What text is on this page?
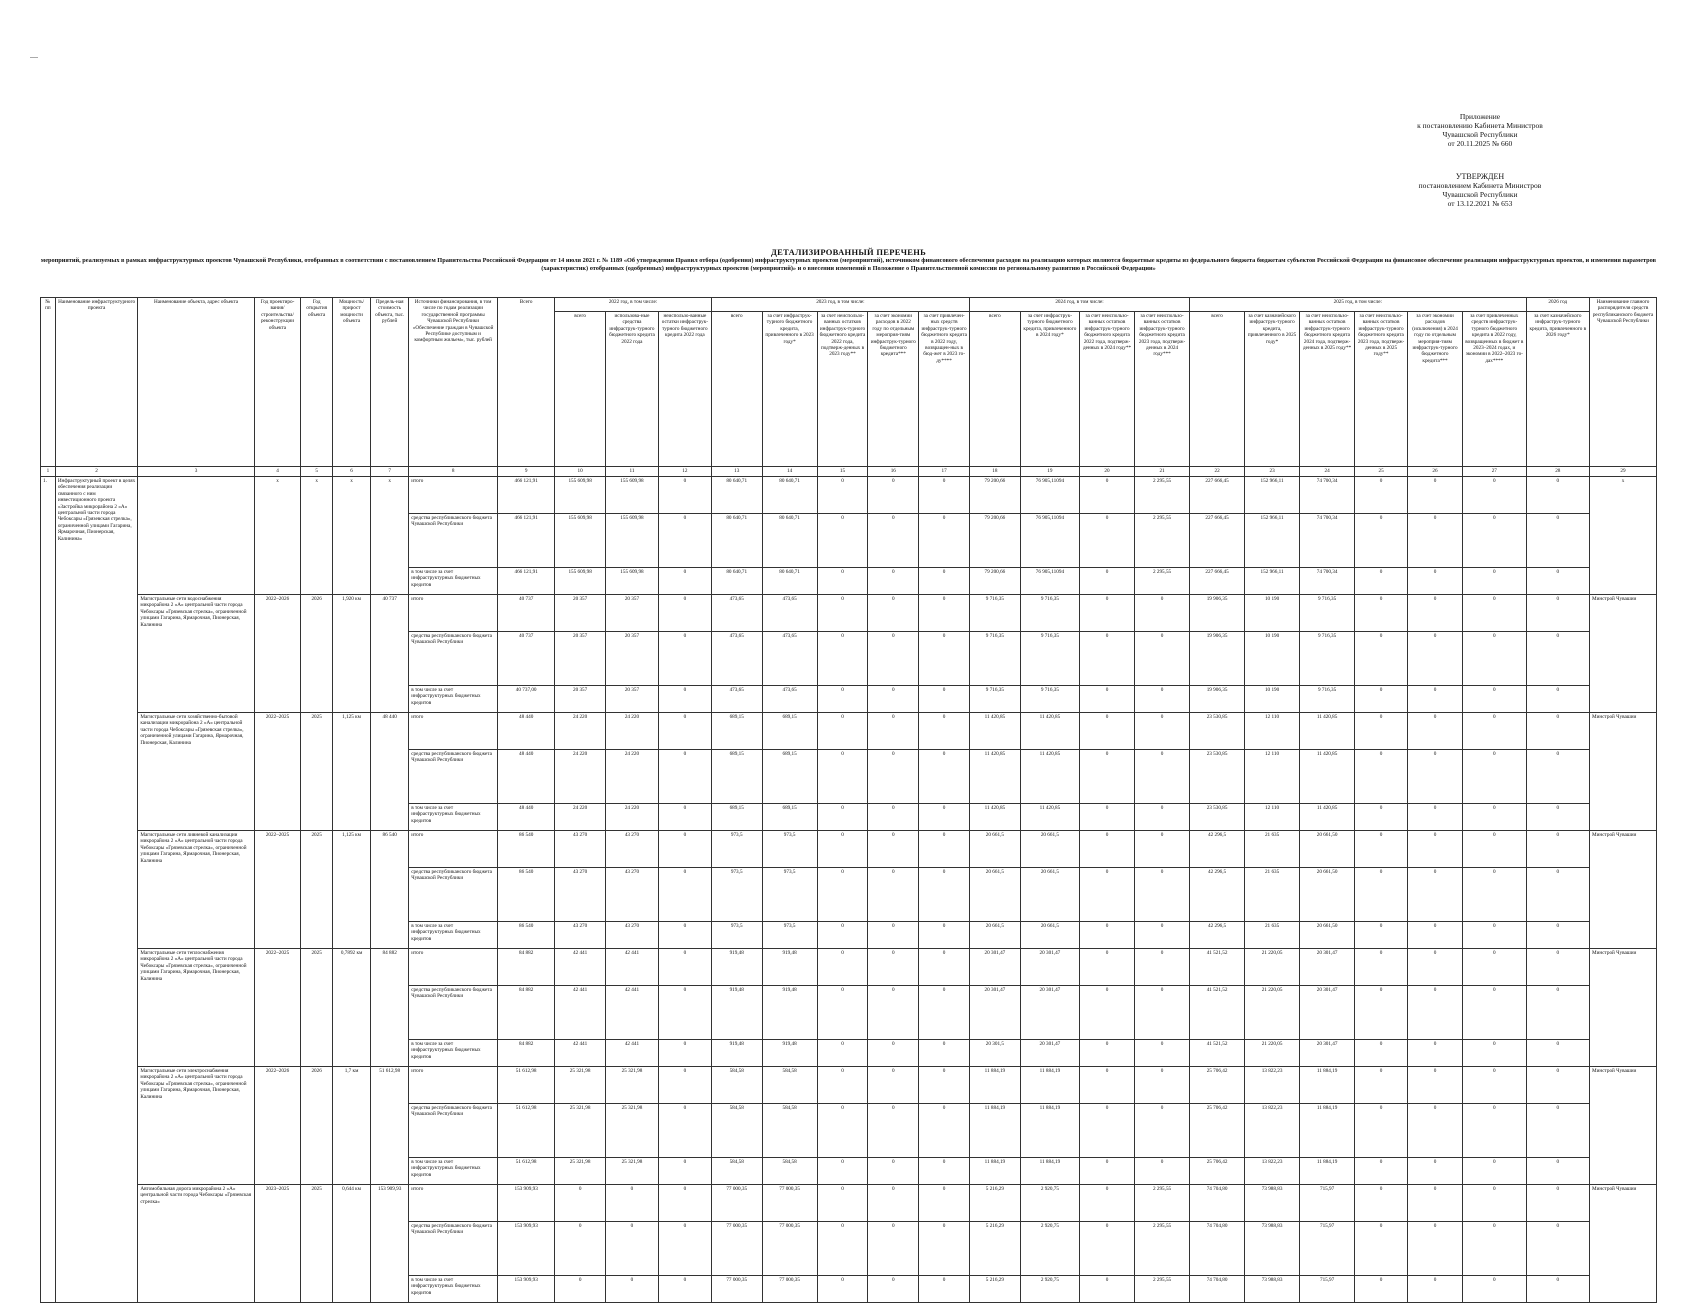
Приложение
к постановлению Кабинета Министров
Чувашской Республики
от 20.11.2025 № 660
УТВЕРЖДЕН
постановлением Кабинета Министров
Чувашской Республики
от 13.12.2021 № 653
ДЕТАЛИЗИРОВАННЫЙ ПЕРЕЧЕНЬ
мероприятий, реализуемых в рамках инфраструктурных проектов Чувашской Республики, отобранных в соответствии с постановлением Правительства Российской Федерации от 14 июля 2021 г. № 1189 «Об утверждении Правил отбора (одобрения) инфраструктурных проектов (мероприятий), источником финансового обеспечения расходов на реализацию которых являются бюджетные кредиты из федерального бюджета бюджетам субъектов Российской Федерации на финансовое обеспечение реализации инфраструктурных проектов, и изменения параметров (характеристик) отобранных (одобренных) инфраструктурных проектов (мероприятий)» и о внесении изменений в Положение о Правительственной комиссии по региональному развитию в Российской Федерации»
№ пп	Наименование инфраструктурного проекта	Наименование объекта, адрес объекта	Год проектиро-вания/ строительства/ реконструкции объекта	Год открытия объекта	Мощность/ прирост мощности объекта	Предель-ная стоимость объекта, тыс. рублей	Источники финансирования, в том числе по годам реализации государственной программы Чувашской Республики «Обеспечение граждан в Чувашской Республике доступным и комфортным жильем», тыс. рублей	Всего	2022 год, в том числе:			2023 год, в том числе:					2024 год, в том числе:				2025 год, в том числе:						2026 год	Наименование главного распорядителя средств республиканского бюджета Чувашской Республики
									всего	использова-ные средства инфраструк-турного бюджетного кредита 2022 года	неиспользо-ванные остатки инфраструк-турного бюджетного кредита 2022 года	всего	за счет инфраструк-турного бюджетного кредита, привлеченного в 2023 году*	за счет неиспользо-ванных остатков инфраструк-турного бюджетного кредита 2022 года, подтверж-денных в 2023 году**	за счет экономии расходов в 2022 году по отдельным мероприя-тиям инфраструк-турного бюджетного кредита***	за счет привлечен-ных средств инфраструк-турного бюджетного кредита в 2022 году, возвращен-ных в бюд-жет в 2023 го-ду****	всего	за счет инфраструк-турного бюджетного кредита, привлеченного в 2024 году*	за счет неиспользо-ванных остатков инфраструк-турного бюджетного кредита 2022 года, подтверж-денных в 2024 году**	за счет неиспользо-ванных остатков инфраструк-турного бюджетного кредита 2023 года, подтверж-денных в 2024 году***	всего	за счет казначейского инфраструк-турного кредита, привлеченного в 2025 году*	за счет неиспользо-ванных остатков инфраструк-турного бюджетного кредита 2024 года, подтверж-денных в 2025 году**	за счет неиспользо-ванных остатков инфраструк-турного бюджетного кредита 2023 года, подтверж-денных в 2025 году**	за счет экономии расходов (исключения) в 2024 году по отдельным мероприя-тиям инфраструк-турного бюджетного кредита***	за счет привлеченных средств инфраструк-турного бюджетного кредита в 2022 году, возвращенных в бюджет в 2023–2024 годах, и экономии в 2022–2023 го-дах****	за счет казначейского инфраструк-турного кредита, привлеченного в 2026 году*	
1	2	3	4	5	6	7	8	9	10	11	12	13	14	15	16	17	18	19	20	21	22	23	24	25	26	27	28	29
1.	Инфраструктурный проект в целях обеспечения реализации связанного с ним инвестиционного проекта «Застройка микрорайона 2 «А» центральной части города Чебоксары «Грязевская стрелка», ограниченной улицами Гагарина, Ярмарочная, Пионерская, Калинина»		x	x	x	x	итого	466 121,91	155 609,98	155 609,98	0	80 640,71	80 640,71	0	0	0	79 200,66	76 905,11094	0	2 295,55	227 666,45	152 966,11	74 700,34	0	0	0	0	x
							средства республиканского бюджета Чувашской Республики	466 121,91	155 609,98	155 609,98	0	80 640,71	80 640,71	0	0	0	79 200,66	76 905,11094	0	2 295,55	227 666,45	152 966,11	74 700,34	0	0	0	0	
							в том числе за счет инфраструктурных бюджетных кредитов	466 121,91	155 609,98	155 609,98	0	80 640,71	80 640,71	0	0	0	79 200,66	76 905,11094	0	2 295,55	227 666,45	152 966,11	74 700,34	0	0	0	0	
		Магистральные сети водоснабжения микрорайона 2 «А» центральной части города Чебоксары «Грязевская стрелка», ограниченной улицами Гагарина, Ярмарочная, Пионерская, Калинина	2022–2026	2026	1,920 км	40 737	итого	40 737	20 357	20 357	0	473,65	473,65	0	0	0	9 716,35	9 716,35	0	0	19 906,35	10 190	9 716,35	0	0	0	0	Минстрой Чувашии
							средства республиканского бюджета Чувашской Республики	40 737	20 357	20 357	0	473,65	473,65	0	0	0	9 716,35	9 716,35	0	0	19 906,35	10 190	9 716,35	0	0	0	0	
							в том числе за счет инфраструктурных бюджетных кредитов	40 737,00	20 357	20 357	0	473,65	473,65	0	0	0	9 716,35	9 716,35	0	0	19 906,35	10 190	9 716,35	0	0	0	0	
		Магистральные сети хозяйственно-бытовой канализации микрорайона 2 «А» центральной части города Чебоксары «Грязевская стрелка», ограниченной улицами Гагарина, Ярмарочная, Пионерская, Калинина	2022–2025	2025	1,125 км	48 440	итого	48 440	24 220	24 220	0	689,15	689,15	0	0	0	11 420,85	11 420,85	0	0	23 530,85	12 110	11 420,85	0	0	0	0	Минстрой Чувашии
							средства республиканского бюджета Чувашской Республики	48 440	24 220	24 220	0	689,15	689,15	0	0	0	11 420,85	11 420,85	0	0	23 530,85	12 110	11 420,85	0	0	0	0	
							в том числе за счет инфраструктурных бюджетных кредитов	48 440	24 220	24 220	0	689,15	689,15	0	0	0	11 420,85	11 420,85	0	0	23 530,85	12 110	11 420,85	0	0	0	0	
		Магистральные сети ливневой канализации микрорайона 2 «А» центральной части города Чебоксары «Грязевская стрелка», ограниченной улицами Гагарина, Ярмарочная, Пионерская, Калинина	2022–2025	2025	1,125 км	86 540	итого	86 540	43 270	43 270	0	973,5	973,5	0	0	0	20 661,5	20 661,5	0	0	42 296,5	21 635	20 661,50	0	0	0	0	Минстрой Чувашии
							средства республиканского бюджета Чувашской Республики	86 540	43 270	43 270	0	973,5	973,5	0	0	0	20 661,5	20 661,5	0	0	42 296,5	21 635	20 661,50	0	0	0	0	
							в том числе за счет инфраструктурных бюджетных кредитов	86 540	43 270	43 270	0	973,5	973,5	0	0	0	20 661,5	20 661,5	0	0	42 296,5	21 635	20 661,50	0	0	0	0	
		Магистральные сети теплоснабжения микрорайона 2 «А» центральной части города Чебоксары «Грязевская стрелка», ограниченной улицами Гагарина, Ярмарочная, Пионерская, Калинина	2022–2025	2025	0,7892 км	84 882	итого	84 882	42 441	42 441	0	919,48	919,48	0	0	0	20 301,47	20 301,47	0	0	41 521,52	21 220,05	20 301,47	0	0	0	0	Минстрой Чувашии
							средства республиканского бюджета Чувашской Республики	84 882	42 441	42 441	0	919,48	919,48	0	0	0	20 301,47	20 301,47	0	0	41 521,52	21 220,05	20 301,47	0	0	0	0	
							в том числе за счет инфраструктурных бюджетных кредитов	84 882	42 441	42 441	0	919,48	919,48	0	0	0	20 301,5	20 301,47	0	0	41 521,52	21 220,05	20 301,47	0	0	0	0	
		Магистральные сети электроснабжения микрорайона 2 «А» центральной части города Чебоксары «Грязевская стрелка», ограниченной улицами Гагарина, Ярмарочная, Пионерская, Калинина	2022–2026	2026	1,7 км	51 612,98	итого	51 612,98	25 321,98	25 321,98	0	584,58	584,58	0	0	0	11 884,19	11 884,19	0	0	25 706,42	13 822,23	11 884,19	0	0	0	0	Минстрой Чувашии
							средства республиканского бюджета Чувашской Республики	51 612,98	25 321,98	25 321,98	0	584,58	584,58	0	0	0	11 884,19	11 884,19	0	0	25 706,42	13 822,23	11 884,19	0	0	0	0	
							в том числе за счет инфраструктурных бюджетных кредитов	51 612,98	25 321,98	25 321,98	0	584,58	584,58	0	0	0	11 884,19	11 884,19	0	0	25 706,42	13 822,23	11 884,19	0	0	0	0	
		Автомобильная дорога микрорайона 2 «А» центральной части города Чебоксары «Грязевская стрелка»	2023–2025	2025	0,644 км	153 909,93	итого	153 909,93	0	0	0	77 000,35	77 000,35	0	0	0	5 216,29	2 920,75	0	2 295,55	74 704,80	73 988,83	715,97	0	0	0	0	Минстрой Чувашии
							средства республиканского бюджета Чувашской Республики	153 909,93	0	0	0	77 000,35	77 000,35	0	0	0	5 216,29	2 920,75	0	2 295,55	74 704,80	73 988,83	715,97	0	0	0	0	
							в том числе за счет инфраструктурных бюджетных кредитов	153 909,93	0	0	0	77 000,35	77 000,35	0	0	0	5 216,29	2 920,75	0	2 295,55	74 704,80	73 988,83	715,97	0	0	0	0	
